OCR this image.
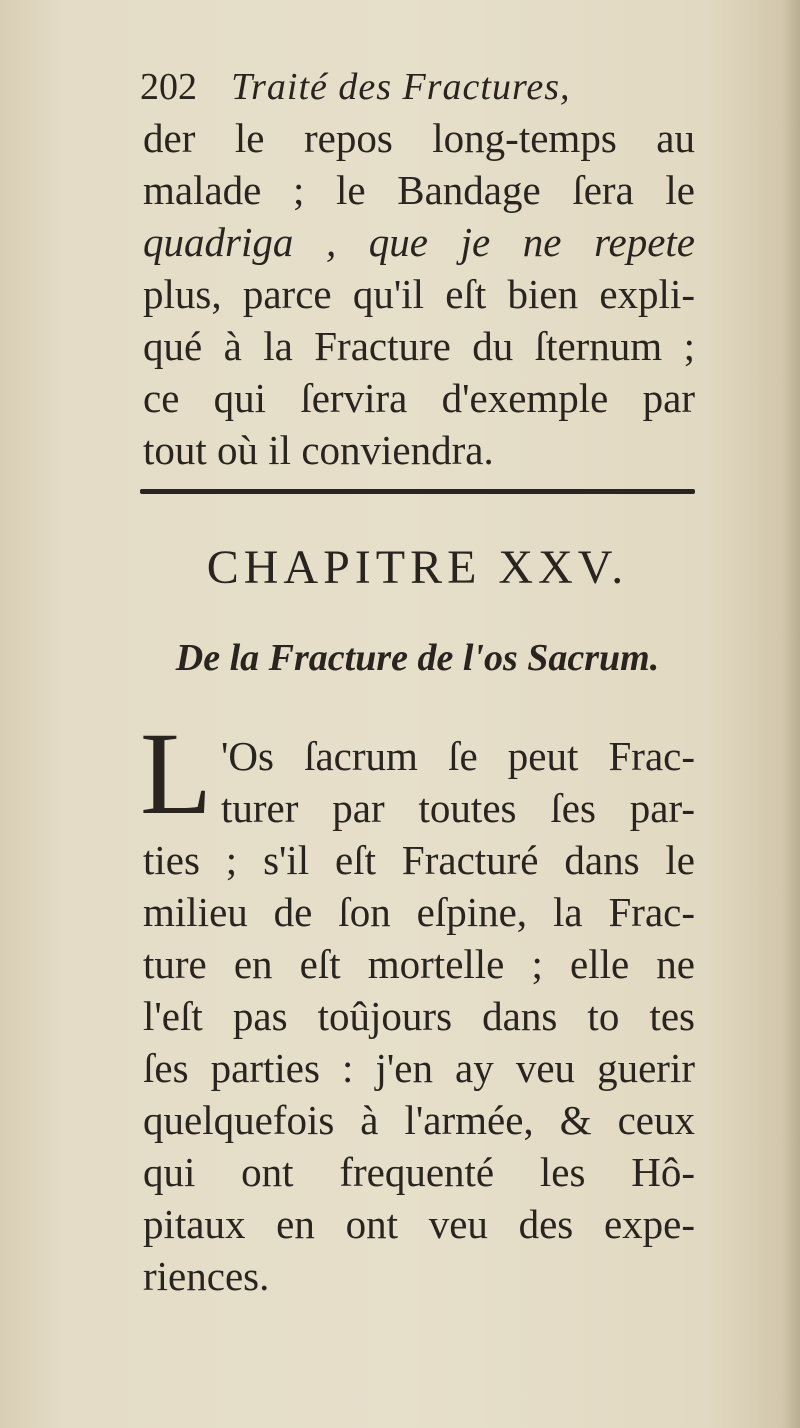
202 Traité des Fractures,
der le repos long-temps au
malade ; le Bandage ſera le
quadriga , que je ne repete
plus, parce qu'il eſt bien expli-
qué à la Fracture du ſternum ;
ce qui ſervira d'exemple par
tout où il conviendra.
CHAPITRE XXV.
De la Fracture de l'os Sacrum.
L 'Os ſacrum ſe peut Frac-
turer par toutes ſes par-
ties ; s'il eſt Fracturé dans le
milieu de ſon eſpine, la Frac-
ture en eſt mortelle ; elle ne
l'eſt pas toûjours dans to tes
ſes parties : j'en ay veu guerir
quelquefois à l'armée, & ceux
qui ont frequenté les Hô-
pitaux en ont veu des expe-
riences.
